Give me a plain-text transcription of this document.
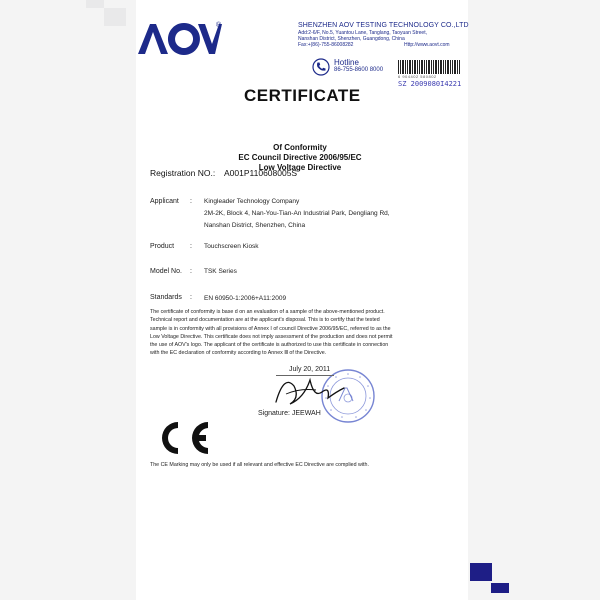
®	SHENZHEN AOV TESTING TECHNOLOGY CO.,LTD
Add:2-6/F, No.5, Yuantou Lane, Tanglang, Taoyuan Street,
Nanshan District, Shenzhen, Guangdong, China
Fax:+(86)-755-86008282	Http://www.aovt.com
Hotline
86-755-8600 8000
6 904402 580802
SZ 2009080I4221
CERTIFICATE
Of Conformity
EC Council Directive 2006/95/EC
Low Voltage Directive
Registration NO.: A001P110608005S
Applicant : Kingleader Technology Company
2M-2K, Block 4, Nan-You-Tian-An Industrial Park, Dengliang Rd,
Nanshan District, Shenzhen, China
Product : Touchscreen Kiosk
Model No. : TSK Series
Standards : EN 60950-1:2006+A11:2009
The certificate of conformity is base d on an evaluation of a sample of the above-mentioned product.
Technical report and documentation are at the applicant's disposal. This is to certify that the tested
sample is in conformity with all provisions of Annex I of council Directive 2006/95/EC, referred to as the
Low Voltage Directive. This certificate does not imply assessment of the production and does not permit
the use of AOV's logo. The applicant of the certificate is authorized to use this certificate in connection
with the EC declaration of conformity according to Annex Ⅲ of the Directive.
July 20, 2011
Signature: JEEWAH
The CE Marking may only be used if all relevant and effective EC Directive are complied with.
